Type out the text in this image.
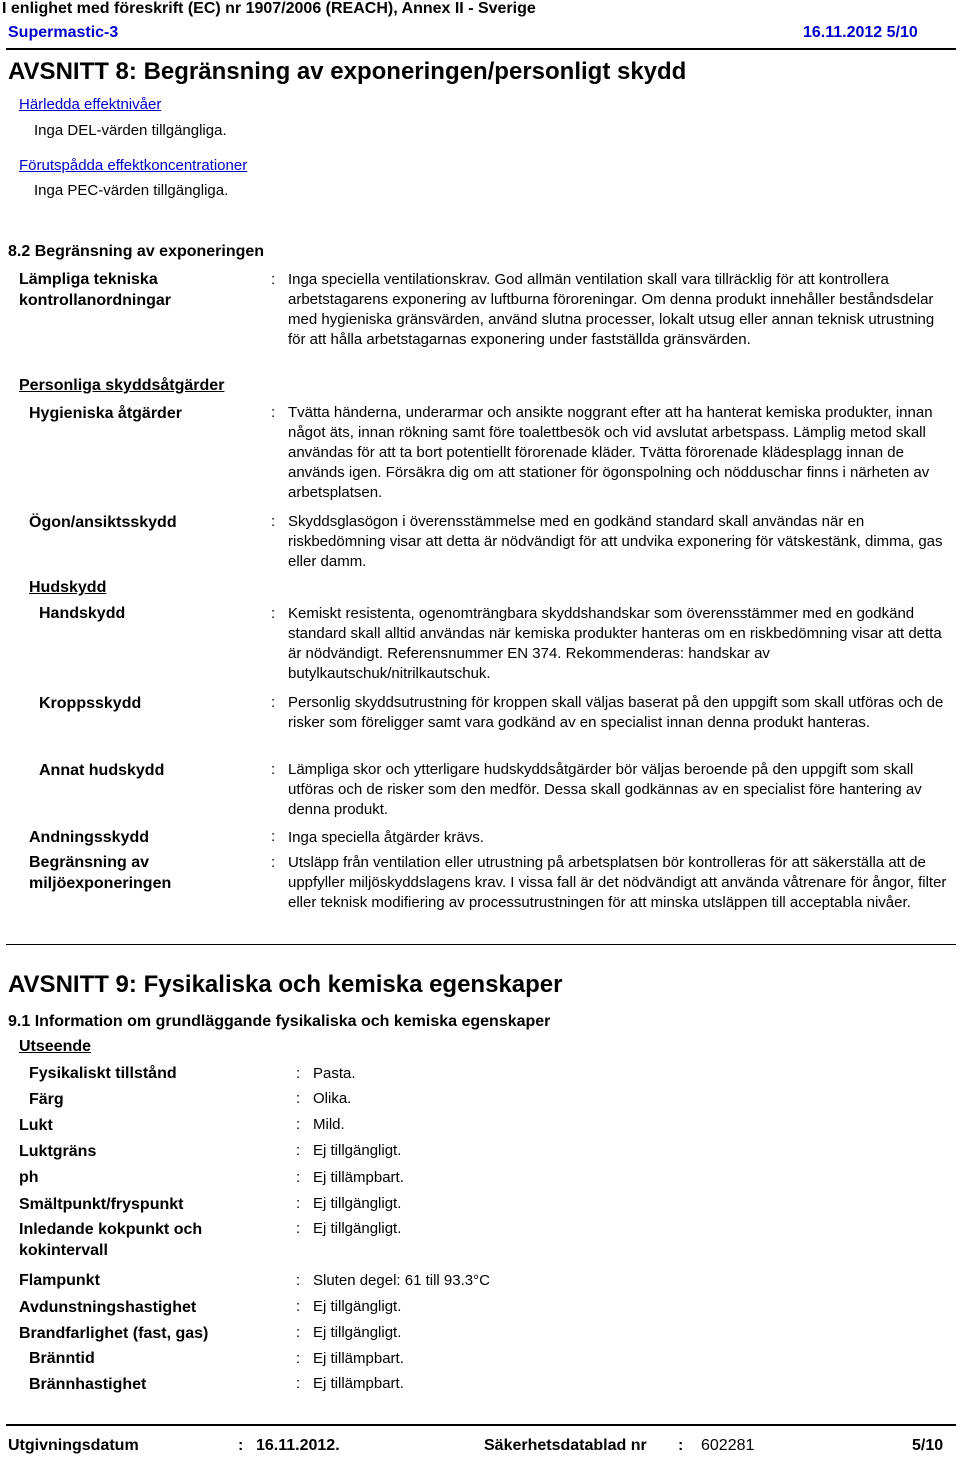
I enlighet med föreskrift (EC) nr 1907/2006 (REACH), Annex II - Sverige
Supermastic-3	16.11.2012 5/10
AVSNITT 8: Begränsning av exponeringen/personligt skydd
Härledda effektnivåer
Inga DEL-värden tillgängliga.
Förutspådda effektkoncentrationer
Inga PEC-värden tillgängliga.
8.2 Begränsning av exponeringen
Lämpliga tekniska kontrollanordningar
: Inga speciella ventilationskrav. God allmän ventilation skall vara tillräcklig för att kontrollera arbetstagarens exponering av luftburna föroreningar. Om denna produkt innehåller beståndsdelar med hygieniska gränsvärden, använd slutna processer, lokalt utsug eller annan teknisk utrustning för att hålla arbetstagarnas exponering under fastställda gränsvärden.
Personliga skyddsåtgärder
Hygieniska åtgärder	: Tvätta händerna, underarmar och ansikte noggrant efter att ha hanterat kemiska produkter, innan något äts, innan rökning samt före toalettbesök och vid avslutat arbetspass. Lämplig metod skall användas för att ta bort potentiellt förorenade kläder. Tvätta förorenade klädesplagg innan de används igen. Försäkra dig om att stationer för ögonspolning och nödduschar finns i närheten av arbetsplatsen.
Ögon/ansiktsskydd	: Skyddsglasögon i överensstämmelse med en godkänd standard skall användas när en riskbedömning visar att detta är nödvändigt för att undvika exponering för vätskestänk, dimma, gas eller damm.
Hudskydd
Handskydd	: Kemiskt resistenta, ogenomträngbara skyddshandskar som överensstämmer med en godkänd standard skall alltid användas när kemiska produkter hanteras om en riskbedömning visar att detta är nödvändigt. Referensnummer EN 374. Rekommenderas: handskar av butylkautschuk/nitrilkautschuk.
Kroppsskydd	: Personlig skyddsutrustning för kroppen skall väljas baserat på den uppgift som skall utföras och de risker som föreligger samt vara godkänd av en specialist innan denna produkt hanteras.
Annat hudskydd	: Lämpliga skor och ytterligare hudskyddsåtgärder bör väljas beroende på den uppgift som skall utföras och de risker som den medför. Dessa skall godkännas av en specialist före hantering av denna produkt.
Andningsskydd	: Inga speciella åtgärder krävs.
Begränsning av miljöexponeringen
: Utsläpp från ventilation eller utrustning på arbetsplatsen bör kontrolleras för att säkerställa att de uppfyller miljöskyddslagens krav. I vissa fall är det nödvändigt att använda våtrenare för ångor, filter eller teknisk modifiering av processutrustningen för att minska utsläppen till acceptabla nivåer.
AVSNITT 9: Fysikaliska och kemiska egenskaper
9.1 Information om grundläggande fysikaliska och kemiska egenskaper
Utseende
Fysikaliskt tillstånd	: Pasta.
Färg	: Olika.
Lukt	: Mild.
Luktgräns	: Ej tillgängligt.
ph	: Ej tillämpbart.
Smältpunkt/fryspunkt	: Ej tillgängligt.
Inledande kokpunkt och kokintervall
: Ej tillgängligt.
Flampunkt	: Sluten degel: 61 till 93.3°C
Avdunstningshastighet	: Ej tillgängligt.
Brandfarlighet (fast, gas)	: Ej tillgängligt.
Bränntid	: Ej tillämpbart.
Brännhastighet	: Ej tillämpbart.
Utgivningsdatum	: 16.11.2012.	Säkerhetsdatablad nr : 602281	5/10
